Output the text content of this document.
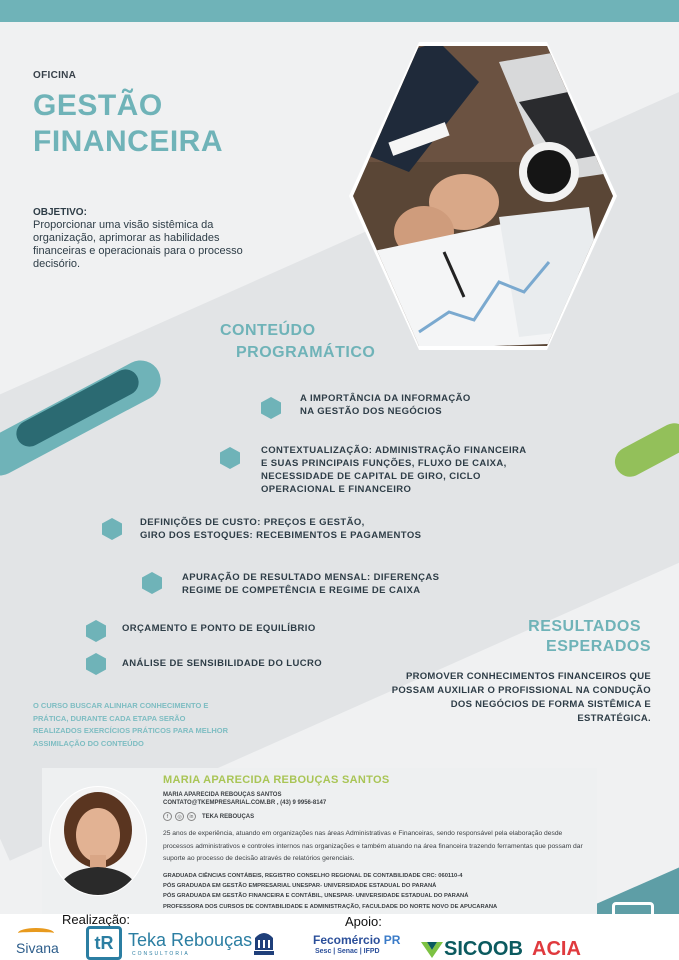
OFICINA
GESTÃO FINANCEIRA
OBJETIVO:
Proporcionar uma visão sistêmica da organização, aprimorar as habilidades financeiras e operacionais para o processo decisório.
CONTEÚDO
PROGRAMÁTICO
A IMPORTÂNCIA DA INFORMAÇÃO
NA GESTÃO DOS NEGÓCIOS
CONTEXTUALIZAÇÃO: ADMINISTRAÇÃO FINANCEIRA
E SUAS PRINCIPAIS FUNÇÕES, FLUXO DE CAIXA,
NECESSIDADE DE CAPITAL DE GIRO, CICLO
OPERACIONAL E FINANCEIRO
DEFINIÇÕES DE CUSTO: PREÇOS E GESTÃO,
GIRO DOS ESTOQUES: RECEBIMENTOS E PAGAMENTOS
APURAÇÃO DE RESULTADO MENSAL: DIFERENÇAS
REGIME DE COMPETÊNCIA E REGIME DE CAIXA
ORÇAMENTO E PONTO DE EQUILÍBRIO
ANÁLISE DE SENSIBILIDADE DO LUCRO
RESULTADOS
ESPERADOS
PROMOVER CONHECIMENTOS FINANCEIROS QUE POSSAM AUXILIAR O PROFISSIONAL NA CONDUÇÃO DOS NEGÓCIOS DE FORMA SISTÊMICA E ESTRATÉGICA.
O CURSO BUSCAR ALINHAR CONHECIMENTO E PRÁTICA, DURANTE CADA ETAPA SERÃO REALIZADOS EXERCÍCIOS PRÁTICOS PARA MELHOR ASSIMILAÇÃO DO CONTEÚDO
MARIA APARECIDA REBOUÇAS SANTOS
MARIA APARECIDA REBOUÇAS SANTOS
CONTATO@TKEMPRESARIAL.COM.BR , (43) 9 9956-8147
f	◎	in	TEKA REBOUÇAS
25 anos de experiência, atuando em organizações nas áreas Administrativas e Financeiras, sendo responsável pela elaboração desde processos administrativos e controles internos nas organizações e também atuando na área financeira trazendo ferramentas que possam dar suporte ao processo de decisão através de relatórios gerenciais.
GRADUADA CIÊNCIAS CONTÁBEIS, REGISTRO CONSELHO REGIONAL DE CONTABILIDADE CRC: 060110-4
PÓS GRADUADA EM GESTÃO EMPRESARIAL UNESPAR- UNIVERSIDADE ESTADUAL DO PARANÁ
PÓS GRADUADA EM GESTÃO FINANCEIRA E CONTÁBIL, UNESPAR- UNIVERSIDADE ESTADUAL DO PARANÁ
PROFESSORA DOS CURSOS DE CONTABILIDADE E ADMINISTRAÇÃO, FACULDADE DO NORTE NOVO DE APUCARANA
Realização:	Apoio:
Sivana	tR Teka Rebouças
CONSULTORIA
Fecomércio PR
Sesc | Senac | IFPD	SICOOB ACIA
